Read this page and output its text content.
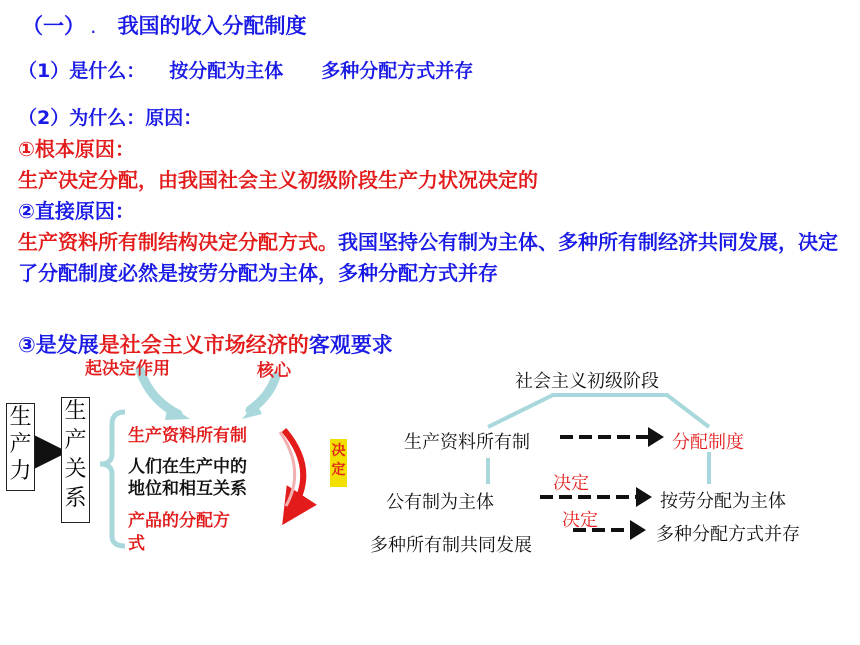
（一） . 我国的收入分配制度
（1）是什么： 按分配为主体 多种分配方式并存
（2）为什么：原因：
①根本原因：
生产决定分配，由我国社会主义初级阶段生产力状况决定的
②直接原因：
生产资料所有制结构决定分配方式。我国坚持公有制为主体、多种所有制经济共同发展，决定了分配制度必然是按劳分配为主体，多种分配方式并存
③是发展是社会主义市场经济的客观要求
起决定作用	核心
生
产
力
生
产
关
系
生产资料所有制
人们在生产中的
地位和相互关系
产品的分配方
式
决
定
社会主义初级阶段
生产资料所有制	分配制度
公有制为主体
决定
按劳分配为主体
多种所有制共同发展
决定
多种分配方式并存
